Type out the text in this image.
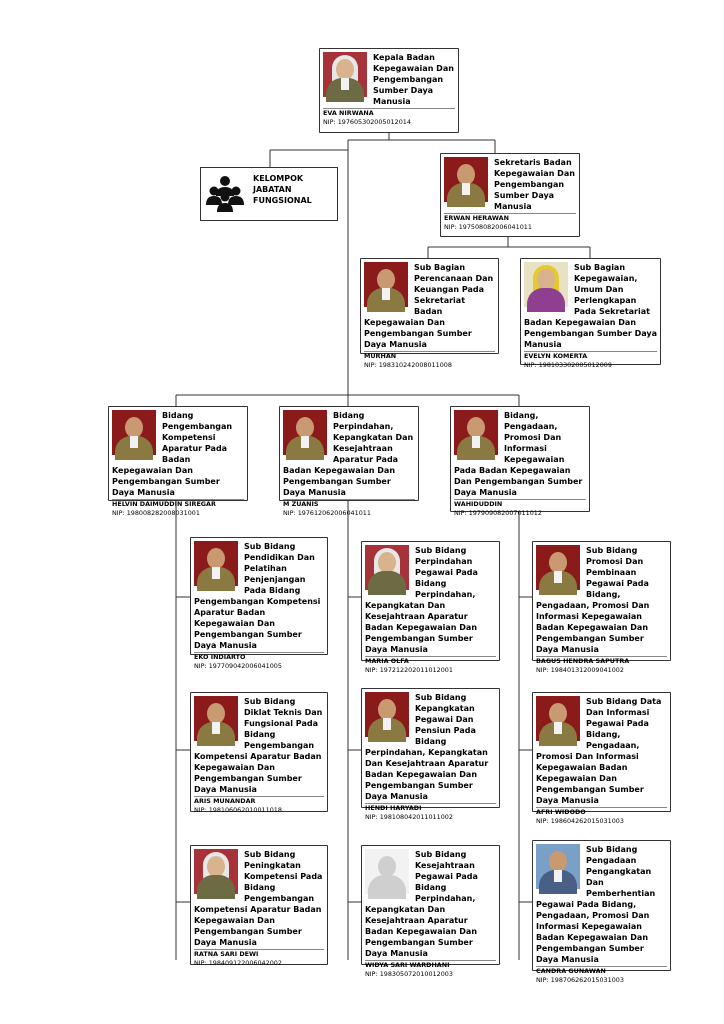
KELOMPOK JABATAN FUNGSIONAL
Kepala Badan Kepegawaian Dan Pengembangan Sumber Daya Manusia
EVA NIRWANA
NIP: 197605302005012014
Sekretaris Badan Kepegawaian Dan Pengembangan Sumber Daya Manusia
ERWAN HERAWAN
NIP: 197508082006041011
Sub Bagian Perencanaan Dan Keuangan Pada Sekretariat Badan Kepegawaian Dan Pengembangan Sumber Daya Manusia
MURHAN
NIP: 198310242008011008
Sub Bagian Kepegawaian, Umum Dan Perlengkapan Pada Sekretariat Badan Kepegawaian Dan Pengembangan Sumber Daya Manusia
EVELYN KOMERTA
NIP: 198103302005012009
Bidang Pengembangan Kompetensi Aparatur Pada Badan Kepegawaian Dan Pengembangan Sumber Daya Manusia
HELVIN DAIMUDDIN SIREGAR
NIP: 198008282008031001
Bidang Perpindahan, Kepangkatan Dan Kesejahtraan Aparatur Pada Badan Kepegawaian Dan Pengembangan Sumber Daya Manusia
M ZUANIS
NIP: 197612062006041011
Bidang, Pengadaan, Promosi Dan Informasi Kepegawaian Pada Badan Kepegawaian Dan Pengembangan Sumber Daya Manusia
WAHIDUDDIN
NIP: 197909082007011012
Sub Bidang Pendidikan Dan Pelatihan Penjenjangan Pada Bidang Pengembangan Kompetensi Aparatur Badan Kepegawaian Dan Pengembangan Sumber Daya Manusia
EKO INDIARTO
NIP: 197709042006041005
Sub Bidang Diklat Teknis Dan Fungsional Pada Bidang Pengembangan Kompetensi Aparatur Badan Kepegawaian Dan Pengembangan Sumber Daya Manusia
ARIS MUNANDAR
NIP: 198106062010011018
Sub Bidang Peningkatan Kompetensi Pada Bidang Pengembangan Kompetensi Aparatur Badan Kepegawaian Dan Pengembangan Sumber Daya Manusia
RATNA SARI DEWI
NIP: 198409122006042002
Sub Bidang Perpindahan Pegawai Pada Bidang Perpindahan, Kepangkatan Dan Kesejahtraan Aparatur Badan Kepegawaian Dan Pengembangan Sumber Daya Manusia
MARIA OLFA
NIP: 197212202011012001
Sub Bidang Kepangkatan Pegawai Dan Pensiun Pada Bidang Perpindahan, Kepangkatan Dan Kesejahtraan Aparatur Badan Kepegawaian Dan Pengembangan Sumber Daya Manusia
HENDI HARYADI
NIP: 198108042011011002
Sub Bidang Kesejahtraan Pegawai Pada Bidang Perpindahan, Kepangkatan Dan Kesejahtraan Aparatur Badan Kepegawaian Dan Pengembangan Sumber Daya Manusia
WIDYA SARI WARDHANI
NIP: 198305072010012003
Sub Bidang Promosi Dan Pembinaan Pegawai Pada Bidang, Pengadaan, Promosi Dan Informasi Kepegawaian Badan Kepegawaian Dan Pengembangan Sumber Daya Manusia
BAGUS HENDRA SAPUTRA
NIP: 198401312009041002
Sub Bidang Data Dan Informasi Pegawai Pada Bidang, Pengadaan, Promosi Dan Informasi Kepegawaian Badan Kepegawaian Dan Pengembangan Sumber Daya Manusia
AFRI WIDODO
NIP: 198604262015031003
Sub Bidang Pengadaan Pengangkatan Dan Pemberhentian Pegawai Pada Bidang, Pengadaan, Promosi Dan Informasi Kepegawaian Badan Kepegawaian Dan Pengembangan Sumber Daya Manusia
CANDRA GUNAWAN
NIP: 198706262015031003
